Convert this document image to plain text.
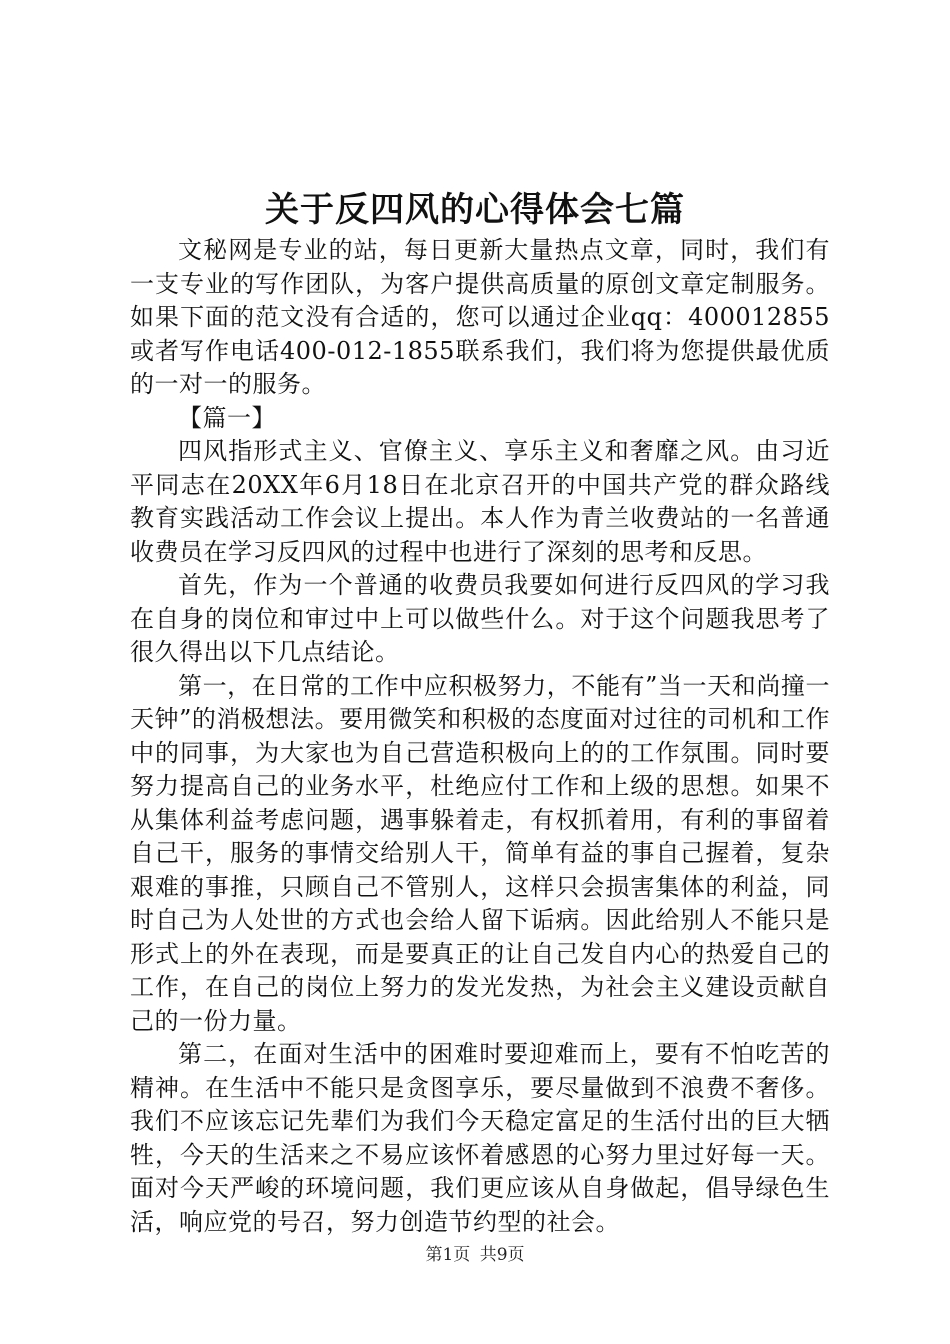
关于反四风的心得体会七篇

文秘网是专业的站，每日更新大量热点文章，同时，我们有一支专业的写作团队，为客户提供高质量的原创文章定制服务。如果下面的范文没有合适的，您可以通过企业qq：400012855或者写作电话400-012-1855联系我们，我们将为您提供最优质的一对一的服务。

【篇一】

四风指形式主义、官僚主义、享乐主义和奢靡之风。由习近平同志在20XX年6月18日在北京召开的中国共产党的群众路线教育实践活动工作会议上提出。本人作为青兰收费站的一名普通收费员在学习反四风的过程中也进行了深刻的思考和反思。

首先，作为一个普通的收费员我要如何进行反四风的学习我在自身的岗位和审过中上可以做些什么。对于这个问题我思考了很久得出以下几点结论。

第一，在日常的工作中应积极努力，不能有”当一天和尚撞一天钟”的消极想法。要用微笑和积极的态度面对过往的司机和工作中的同事，为大家也为自己营造积极向上的的工作氛围。同时要努力提高自己的业务水平，杜绝应付工作和上级的思想。如果不从集体利益考虑问题，遇事躲着走，有权抓着用，有利的事留着自己干，服务的事情交给别人干，简单有益的事自己握着，复杂艰难的事推，只顾自己不管别人，这样只会损害集体的利益，同时自己为人处世的方式也会给人留下诟病。因此给别人不能只是形式上的外在表现，而是要真正的让自己发自内心的热爱自己的工作，在自己的岗位上努力的发光发热，为社会主义建设贡献自己的一份力量。

第二，在面对生活中的困难时要迎难而上，要有不怕吃苦的精神。在生活中不能只是贪图享乐，要尽量做到不浪费不奢侈。我们不应该忘记先辈们为我们今天稳定富足的生活付出的巨大牺牲，今天的生活来之不易应该怀着感恩的心努力里过好每一天。面对今天严峻的环境问题，我们更应该从自身做起，倡导绿色生活，响应党的号召，努力创造节约型的社会。

第1页 共9页
